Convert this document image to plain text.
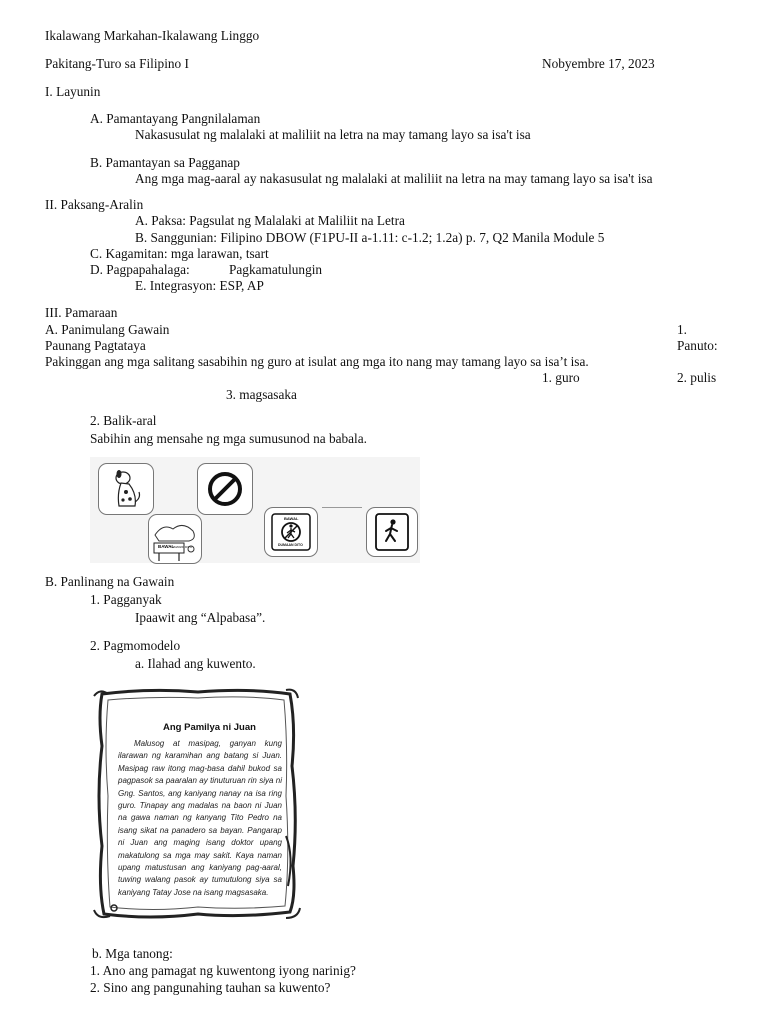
Ikalawang Markahan-Ikalawang Linggo
Pakitang-Turo sa Filipino I	Nobyembre 17, 2023
I. Layunin
A. Pamantayang Pangnilalaman
Nakasusulat ng malalaki at maliliit na letra na may tamang layo sa isa't isa
B. Pamantayan sa Pagganap
Ang mga mag-aaral ay nakasusulat ng malalaki at maliliit na letra na may tamang layo sa isa't isa
II. Paksang-Aralin
A. Paksa: Pagsulat ng Malalaki at Maliliit na Letra
B. Sanggunian: Filipino DBOW (F1PU-II a-1.11: c-1.2; 1.2a) p. 7, Q2 Manila Module 5
C. Kagamitan: mga larawan, tsart
D. Pagpapahalaga:	Pagkamatulungin
E. Integrasyon: ESP, AP
III. Pamaraan
A. Panimulang Gawain	1.
Paunang Pagtataya	Panuto:
Pakinggan ang mga salitang sasabihin ng guro at isulat ang mga ito nang may tamang layo sa isa’t isa.
1. guro	2. pulis
3. magsasaka
2. Balik-aral
Sabihin ang mensahe ng mga sumusunod na babala.
BAWAL
TUMAWID DITO
BAWAL
DUMAAN DITO
B. Panlinang na Gawain
1. Pagganyak
Ipaawit ang “Alpabasa”.
2. Pagmomodelo
a. Ilahad ang kuwento.
Ang Pamilya ni Juan
Malusog at masipag, ganyan kung ilarawan ng karamihan ang batang si Juan. Masipag raw itong mag-basa dahil bukod sa pagpasok sa paaralan ay tinuturuan rin siya ni Gng. Santos, ang kaniyang nanay na isa ring guro. Tinapay ang madalas na baon ni Juan na gawa naman ng kanyang Tito Pedro na isang sikat na panadero sa bayan. Pangarap ni Juan ang maging isang doktor upang makatulong sa mga may sakit. Kaya naman upang matustusan ang kaniyang pag-aaral, tuwing walang pasok ay tumutulong siya sa kaniyang Tatay Jose na isang magsasaka.
b. Mga tanong:
1. Ano ang pamagat ng kuwentong iyong narinig?
2. Sino ang pangunahing tauhan sa kuwento?
